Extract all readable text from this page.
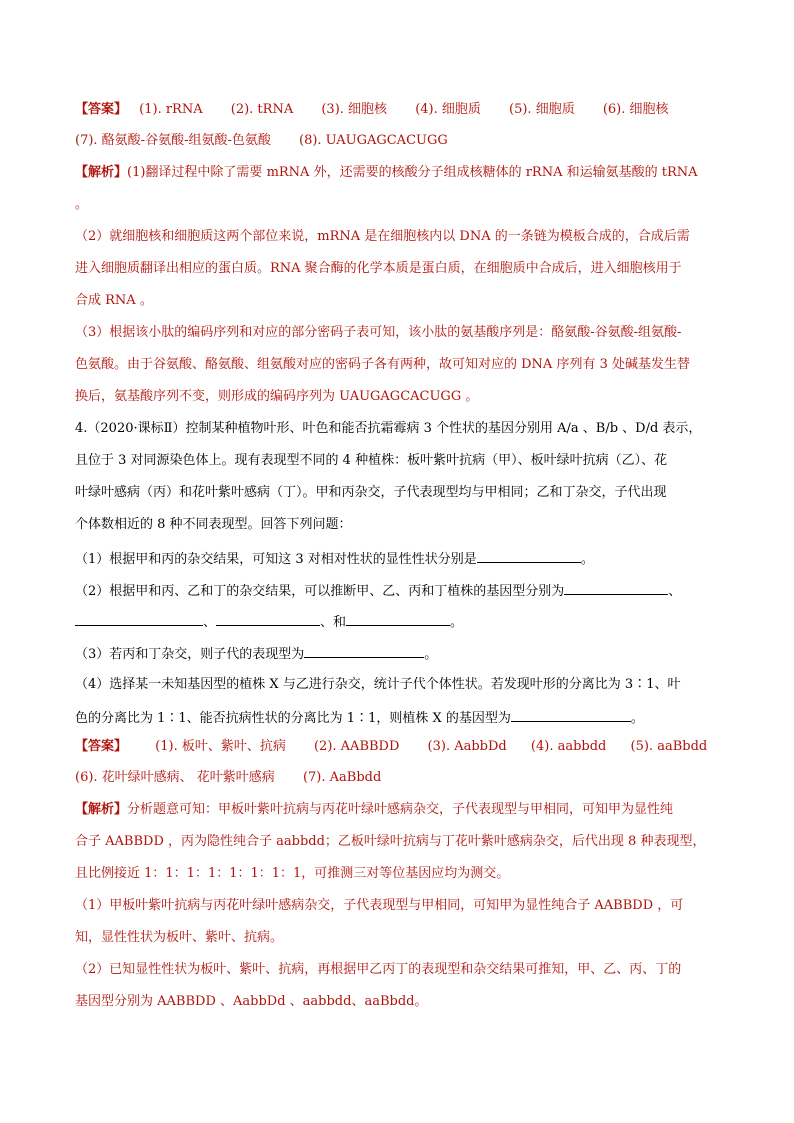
【答案】 (1). rRNA (2). tRNA (3). 细胞核 (4). 细胞质 (5). 细胞质 (6). 细胞核
(7). 酪氨酸-谷氨酸-组氨酸-色氨酸 (8). UAUGAGCACUGG
【解析】(1)翻译过程中除了需要 mRNA 外，还需要的核酸分子组成核糖体的 rRNA 和运输氨基酸的 tRNA
。
（2）就细胞核和细胞质这两个部位来说，mRNA 是在细胞核内以 DNA 的一条链为模板合成的，合成后需
进入细胞质翻译出相应的蛋白质。RNA 聚合酶的化学本质是蛋白质，在细胞质中合成后，进入细胞核用于
合成 RNA 。
（3）根据该小肽的编码序列和对应的部分密码子表可知，该小肽的氨基酸序列是：酪氨酸-谷氨酸-组氨酸-
色氨酸。由于谷氨酸、酪氨酸、组氨酸对应的密码子各有两种，故可知对应的 DNA 序列有 3 处碱基发生替
换后，氨基酸序列不变，则形成的编码序列为 UAUGAGCACUGG 。
4.（2020·课标Ⅱ）控制某种植物叶形、叶色和能否抗霜霉病 3 个性状的基因分别用 A/a 、B/b 、D/d 表示，
且位于 3 对同源染色体上。现有表现型不同的 4 种植株：板叶紫叶抗病（甲）、板叶绿叶抗病（乙）、花
叶绿叶感病（丙）和花叶紫叶感病（丁）。甲和丙杂交，子代表现型均与甲相同；乙和丁杂交，子代出现
个体数相近的 8 种不同表现型。回答下列问题：
（1）根据甲和丙的杂交结果，可知这 3 对相对性状的显性性状分别是	。
（2）根据甲和丙、乙和丁的杂交结果，可以推断甲、乙、丙和丁植株的基因型分别为	、
、	、和	。
（3）若丙和丁杂交，则子代的表现型为	。
（4）选择某一未知基因型的植株 X 与乙进行杂交，统计子代个体性状。若发现叶形的分离比为 3∶1、叶
色的分离比为 1∶1、能否抗病性状的分离比为 1∶1，则植株 X 的基因型为	。
【答案】 (1). 板叶、紫叶、抗病 (2). AABBDD (3). AabbDd (4). aabbdd (5). aaBbdd
(6). 花叶绿叶感病、 花叶紫叶感病 (7). AaBbdd
【解析】分析题意可知：甲板叶紫叶抗病与丙花叶绿叶感病杂交，子代表现型与甲相同，可知甲为显性纯
合子 AABBDD ，丙为隐性纯合子 aabbdd；乙板叶绿叶抗病与丁花叶紫叶感病杂交，后代出现 8 种表现型，
且比例接近 1：1：1：1：1：1：1：1，可推测三对等位基因应均为测交。
（1）甲板叶紫叶抗病与丙花叶绿叶感病杂交，子代表现型与甲相同，可知甲为显性纯合子 AABBDD ，可
知，显性性状为板叶、紫叶、抗病。
（2）已知显性性状为板叶、紫叶、抗病，再根据甲乙丙丁的表现型和杂交结果可推知，甲、乙、丙、丁的
基因型分别为 AABBDD 、AabbDd 、aabbdd、aaBbdd。
